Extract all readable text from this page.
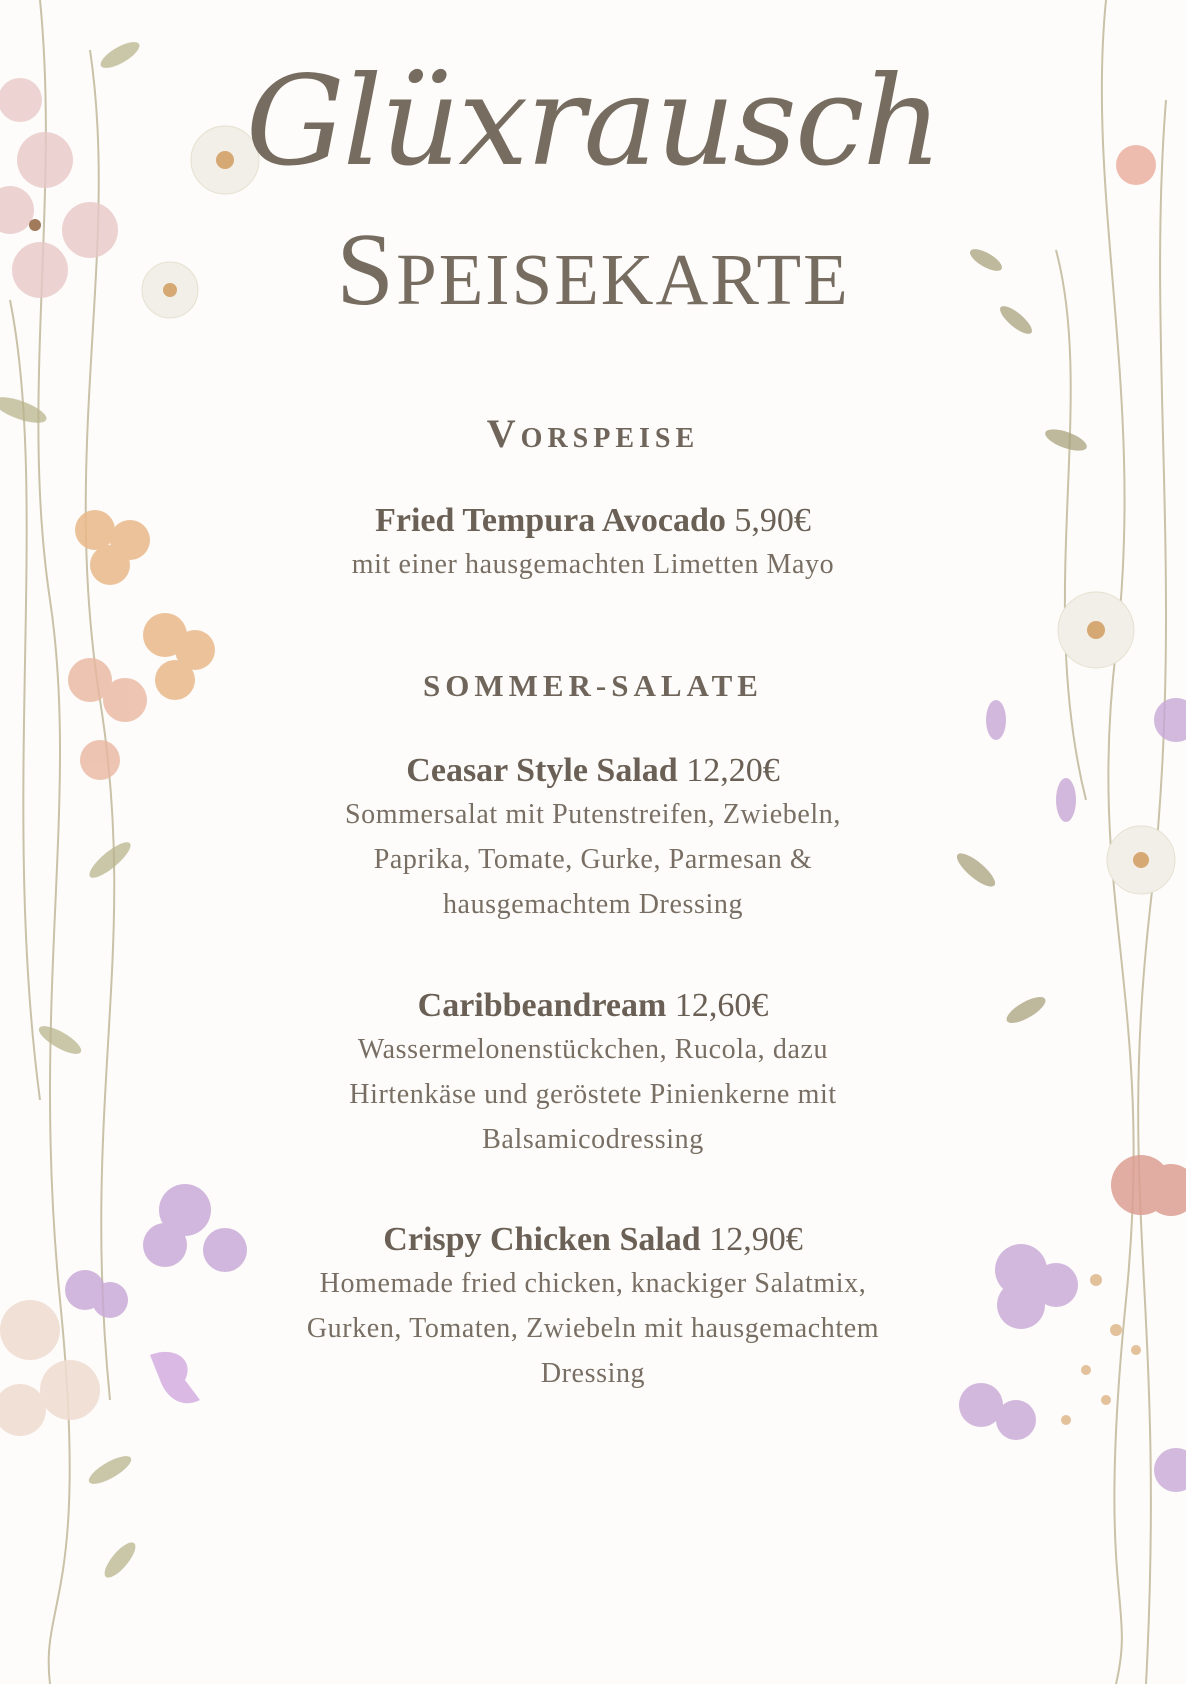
Glüxrausch
Speisekarte
Vorspeise
Fried Tempura Avocado 5,90€
mit einer hausgemachten Limetten Mayo
SOMMER-SALATE
Ceasar Style Salad 12,20€
Sommersalat mit Putenstreifen, Zwiebeln,
Paprika, Tomate, Gurke, Parmesan &
hausgemachtem Dressing
Caribbeandream 12,60€
Wassermelonenstückchen, Rucola, dazu
Hirtenkäse und geröstete Pinienkerne mit
Balsamicodressing
Crispy Chicken Salad 12,90€
Homemade fried chicken, knackiger Salatmix,
Gurken, Tomaten, Zwiebeln mit hausgemachtem
Dressing
